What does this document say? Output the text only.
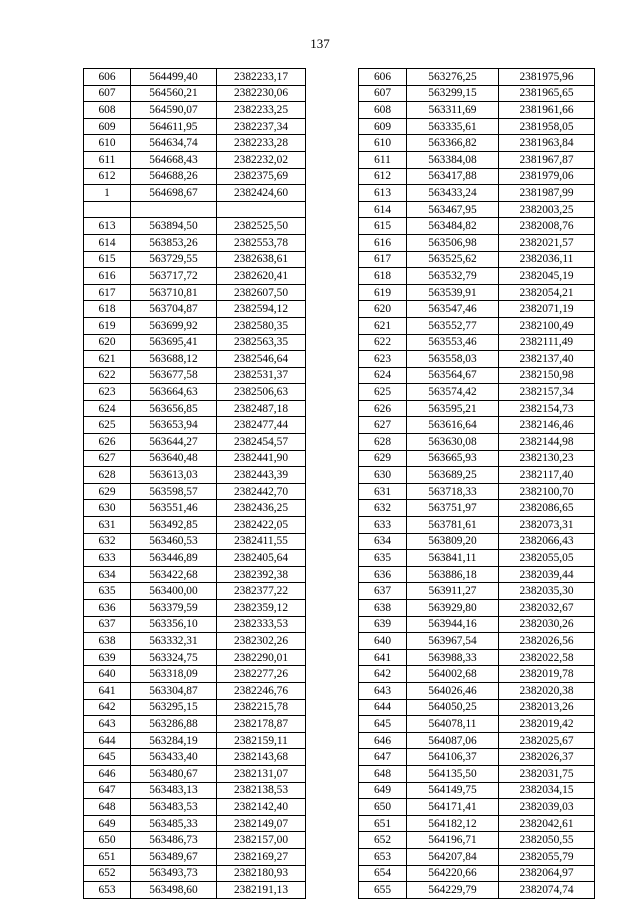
137
606	564499,40	2382233,17
607	564560,21	2382230,06
608	564590,07	2382233,25
609	564611,95	2382237,34
610	564634,74	2382233,28
611	564668,43	2382232,02
612	564688,26	2382375,69
1	564698,67	2382424,60

613	563894,50	2382525,50
614	563853,26	2382553,78
615	563729,55	2382638,61
616	563717,72	2382620,41
617	563710,81	2382607,50
618	563704,87	2382594,12
619	563699,92	2382580,35
620	563695,41	2382563,35
621	563688,12	2382546,64
622	563677,58	2382531,37
623	563664,63	2382506,63
624	563656,85	2382487,18
625	563653,94	2382477,44
626	563644,27	2382454,57
627	563640,48	2382441,90
628	563613,03	2382443,39
629	563598,57	2382442,70
630	563551,46	2382436,25
631	563492,85	2382422,05
632	563460,53	2382411,55
633	563446,89	2382405,64
634	563422,68	2382392,38
635	563400,00	2382377,22
636	563379,59	2382359,12
637	563356,10	2382333,53
638	563332,31	2382302,26
639	563324,75	2382290,01
640	563318,09	2382277,26
641	563304,87	2382246,76
642	563295,15	2382215,78
643	563286,88	2382178,87
644	563284,19	2382159,11
645	563433,40	2382143,68
646	563480,67	2382131,07
647	563483,13	2382138,53
648	563483,53	2382142,40
649	563485,33	2382149,07
650	563486,73	2382157,00
651	563489,67	2382169,27
652	563493,73	2382180,93
653	563498,60	2382191,13
606	563276,25	2381975,96
607	563299,15	2381965,65
608	563311,69	2381961,66
609	563335,61	2381958,05
610	563366,82	2381963,84
611	563384,08	2381967,87
612	563417,88	2381979,06
613	563433,24	2381987,99
614	563467,95	2382003,25
615	563484,82	2382008,76
616	563506,98	2382021,57
617	563525,62	2382036,11
618	563532,79	2382045,19
619	563539,91	2382054,21
620	563547,46	2382071,19
621	563552,77	2382100,49
622	563553,46	2382111,49
623	563558,03	2382137,40
624	563564,67	2382150,98
625	563574,42	2382157,34
626	563595,21	2382154,73
627	563616,64	2382146,46
628	563630,08	2382144,98
629	563665,93	2382130,23
630	563689,25	2382117,40
631	563718,33	2382100,70
632	563751,97	2382086,65
633	563781,61	2382073,31
634	563809,20	2382066,43
635	563841,11	2382055,05
636	563886,18	2382039,44
637	563911,27	2382035,30
638	563929,80	2382032,67
639	563944,16	2382030,26
640	563967,54	2382026,56
641	563988,33	2382022,58
642	564002,68	2382019,78
643	564026,46	2382020,38
644	564050,25	2382013,26
645	564078,11	2382019,42
646	564087,06	2382025,67
647	564106,37	2382026,37
648	564135,50	2382031,75
649	564149,75	2382034,15
650	564171,41	2382039,03
651	564182,12	2382042,61
652	564196,71	2382050,55
653	564207,84	2382055,79
654	564220,66	2382064,97
655	564229,79	2382074,74
